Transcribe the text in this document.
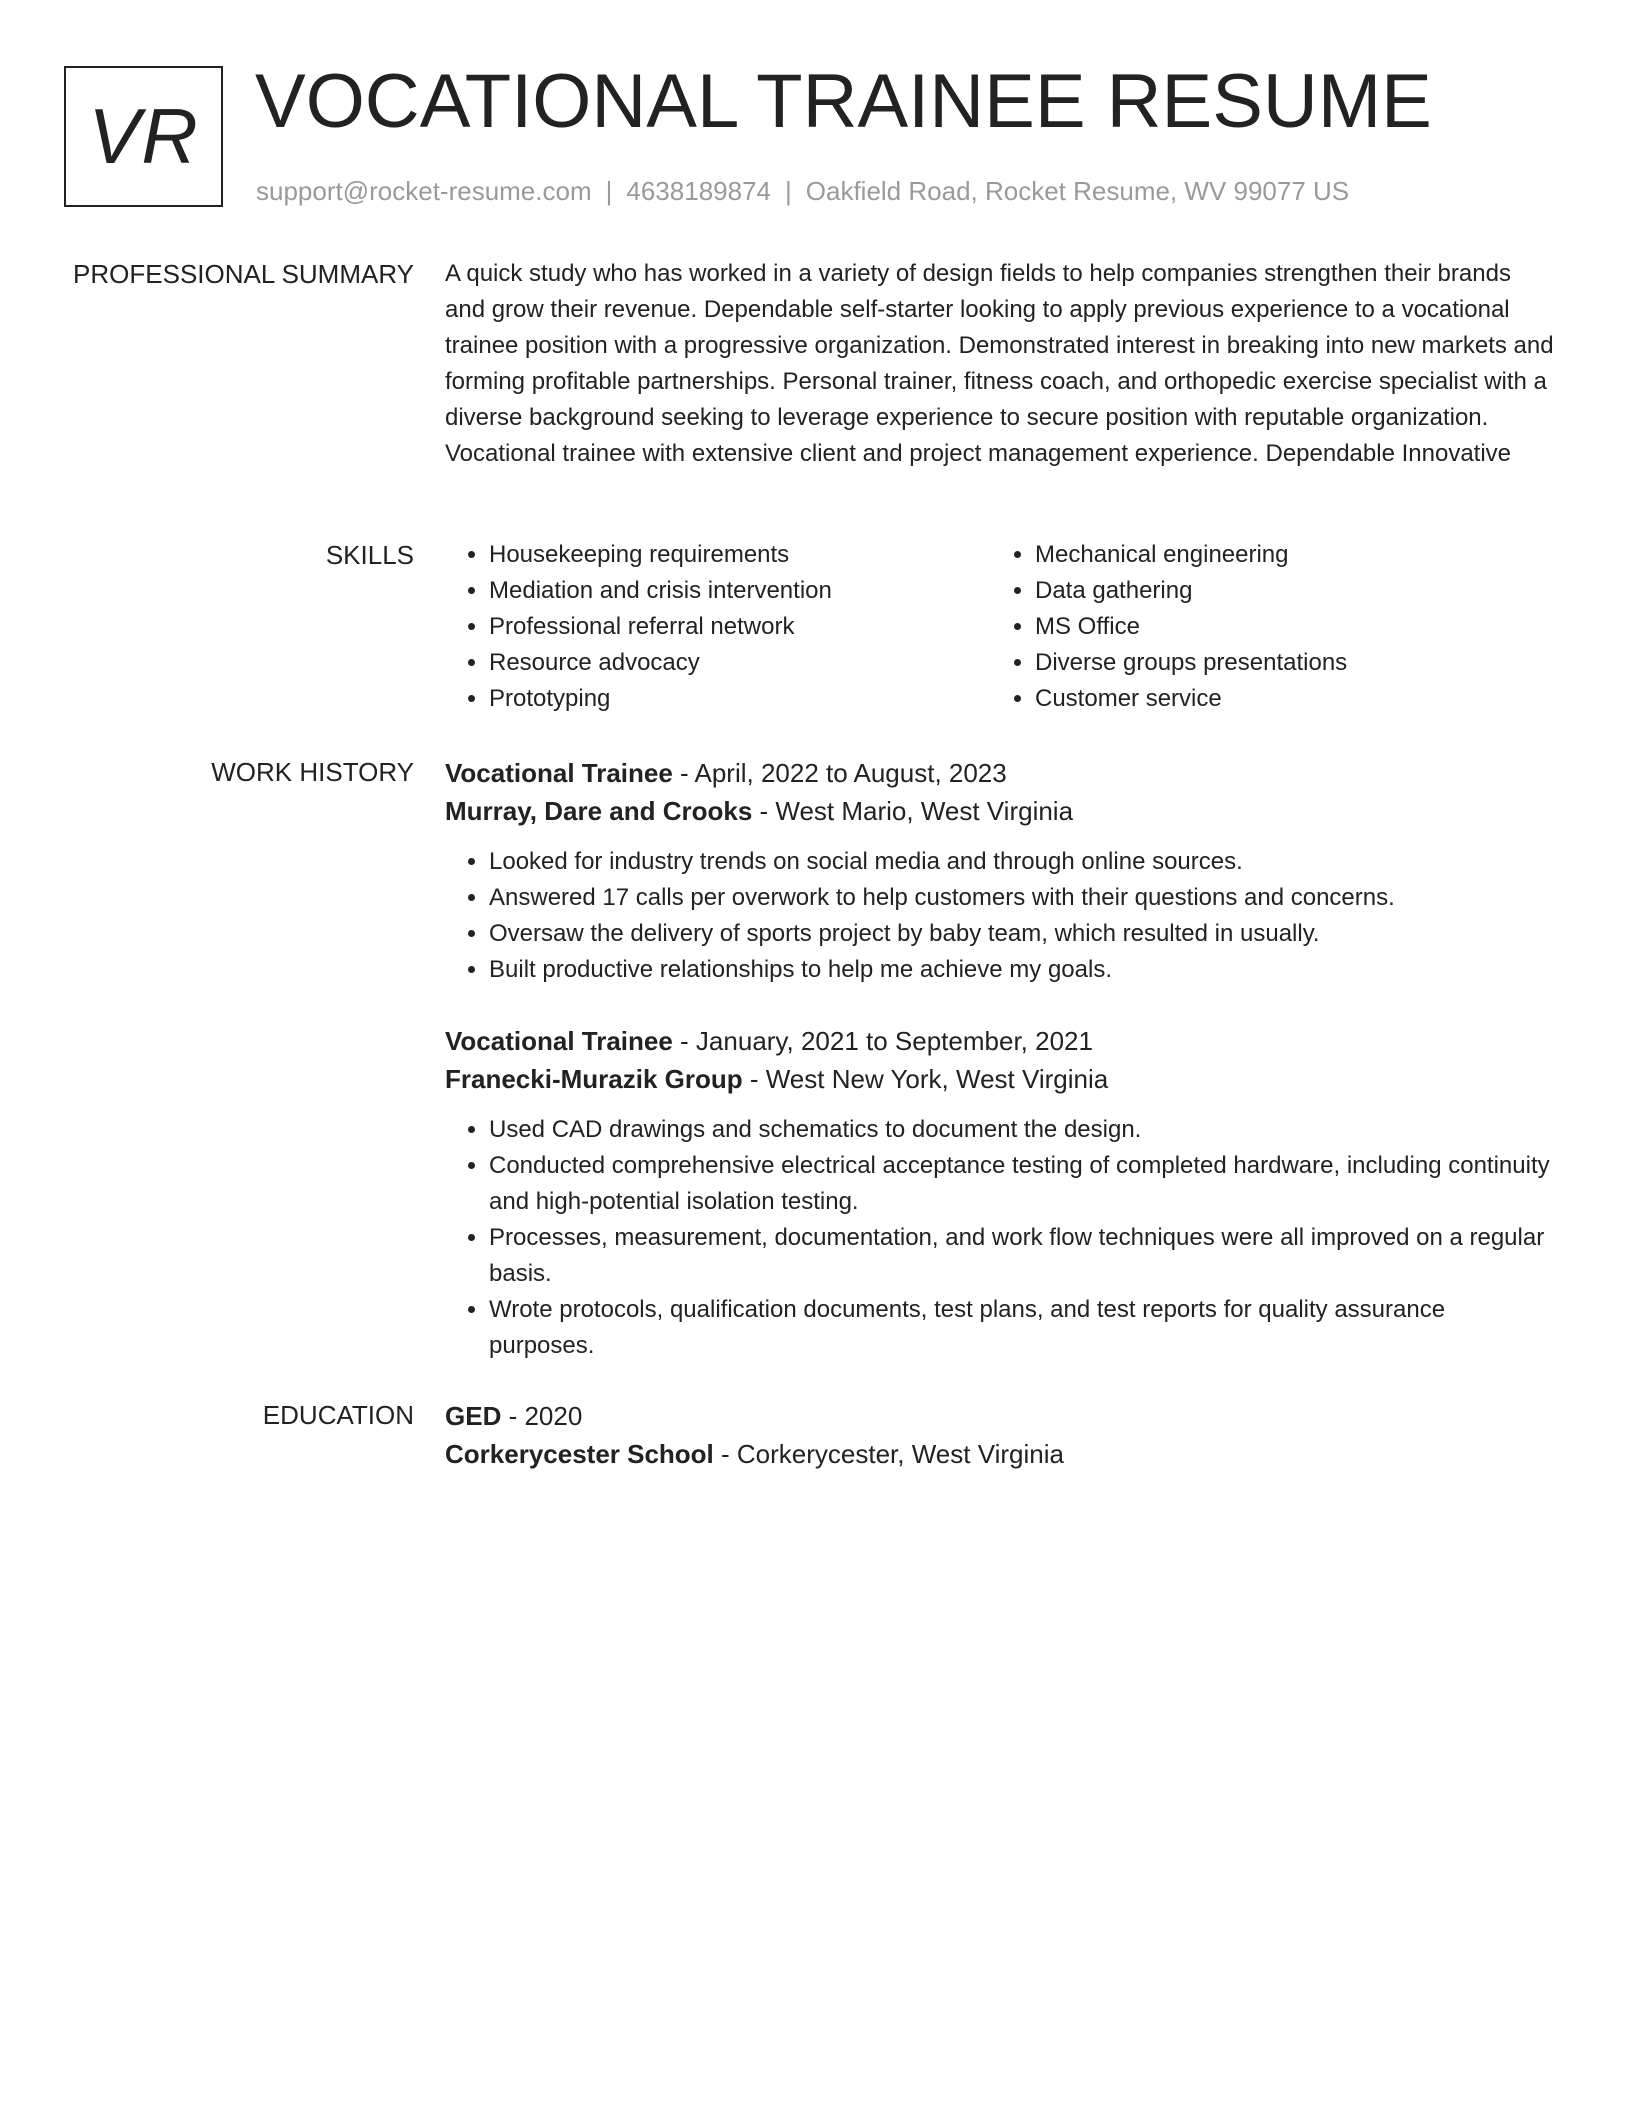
VR VOCATIONAL TRAINEE RESUME
support@rocket-resume.com | 4638189874 | Oakfield Road, Rocket Resume, WV 99077 US
PROFESSIONAL SUMMARY A quick study who has worked in a variety of design fields to help companies strengthen their brands and grow their revenue. Dependable self-starter looking to apply previous experience to a vocational trainee position with a progressive organization. Demonstrated interest in breaking into new markets and forming profitable partnerships. Personal trainer, fitness coach, and orthopedic exercise specialist with a diverse background seeking to leverage experience to secure position with reputable organization. Vocational trainee with extensive client and project management experience. Dependable Innovative

SKILLS
•	Housekeeping requirements
• Mediation and crisis intervention
• Professional referral network
• Resource advocacy
• Prototyping
• Mechanical engineering
• Data gathering
• MS Office
• Diverse groups presentations
• Customer service
WORK HISTORY Vocational Trainee - April, 2022 to August, 2023

Murray, Dare and Crooks - West Mario, West Virginia

• Looked for industry trends on social media and through online sources.
• Answered 17 calls per overwork to help customers with their questions and concerns.
• Oversaw the delivery of sports project by baby team, which resulted in usually.
• Built productive relationships to help me achieve my goals.

Vocational Trainee - January, 2021 to September, 2021

Franecki-Murazik Group - West New York, West Virginia

• Used CAD drawings and schematics to document the design.
• Conducted comprehensive electrical acceptance testing of completed hardware, including continuity and high-potential isolation testing.
• Processes, measurement, documentation, and work flow techniques were all improved on a regular basis.
• Wrote protocols, qualification documents, test plans, and test reports for quality assurance purposes.
EDUCATION GED - 2020

Corkerycester School - Corkerycester, West Virginia
